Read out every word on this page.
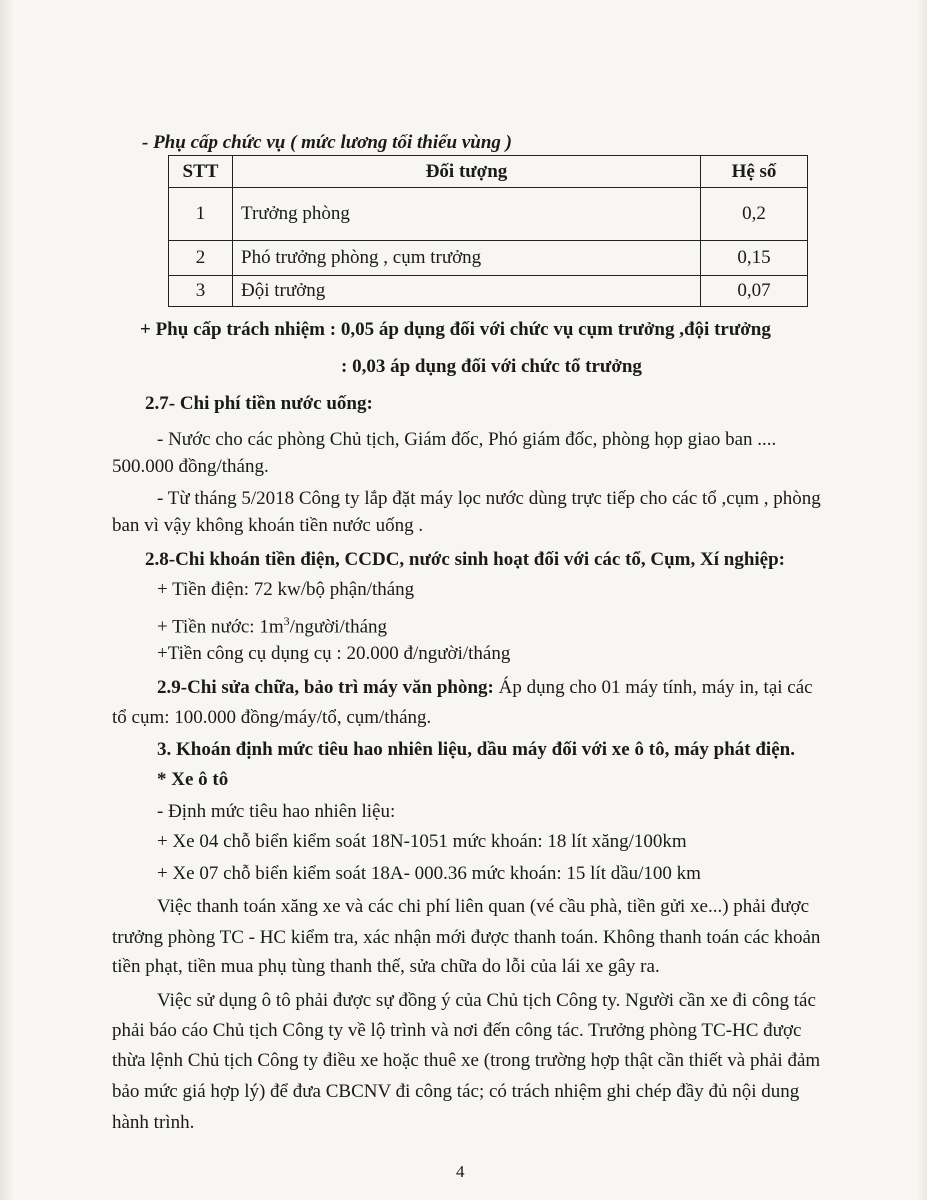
- Phụ cấp chức vụ ( mức lương tối thiểu vùng )
STT	Đối tượng	Hệ số
1	Trưởng phòng	0,2
2	Phó trưởng phòng , cụm trưởng	0,15
3	Đội trưởng	0,07
+ Phụ cấp trách nhiệm : 0,05 áp dụng đối với chức vụ cụm trưởng ,đội trưởng
: 0,03 áp dụng đối với chức tổ trưởng
2.7- Chi phí tiền nước uống:
- Nước cho các phòng Chủ tịch, Giám đốc, Phó giám đốc, phòng họp giao ban ....
500.000 đồng/tháng.
- Từ tháng 5/2018 Công ty lắp đặt máy lọc nước dùng trực tiếp cho các tổ ,cụm , phòng
ban vì vậy không khoán tiền nước uống .
2.8-Chi khoán tiền điện, CCDC, nước sinh hoạt đối với các tổ, Cụm, Xí nghiệp:
+ Tiền điện: 72 kw/bộ phận/tháng
+ Tiền nước: $1m^3/người$/tháng
+Tiền công cụ dụng cụ : 20.000 đ/người/tháng
2.9-Chi sửa chữa, bảo trì máy văn phòng: Áp dụng cho 01 máy tính, máy in, tại các
tổ cụm: 100.000 đồng/máy/tổ, cụm/tháng.
3. Khoán định mức tiêu hao nhiên liệu, dầu máy đối với xe ô tô, máy phát điện.
* Xe ô tô
- Định mức tiêu hao nhiên liệu:
+ Xe 04 chỗ biển kiểm soát 18N-1051 mức khoán: 18 lít xăng/100km
+ Xe 07 chỗ biển kiểm soát 18A- 000.36 mức khoán: 15 lít dầu/100 km
Việc thanh toán xăng xe và các chi phí liên quan (vé cầu phà, tiền gửi xe...) phải được
trưởng phòng TC - HC kiểm tra, xác nhận mới được thanh toán. Không thanh toán các khoản
tiền phạt, tiền mua phụ tùng thanh thế, sửa chữa do lỗi của lái xe gây ra.
Việc sử dụng ô tô phải được sự đồng ý của Chủ tịch Công ty. Người cần xe đi công tác
phải báo cáo Chủ tịch Công ty về lộ trình và nơi đến công tác. Trưởng phòng TC-HC được
thừa lệnh Chủ tịch Công ty điều xe hoặc thuê xe (trong trường hợp thật cần thiết và phải đảm
bảo mức giá hợp lý) để đưa CBCNV đi công tác; có trách nhiệm ghi chép đầy đủ nội dung
hành trình.
4
